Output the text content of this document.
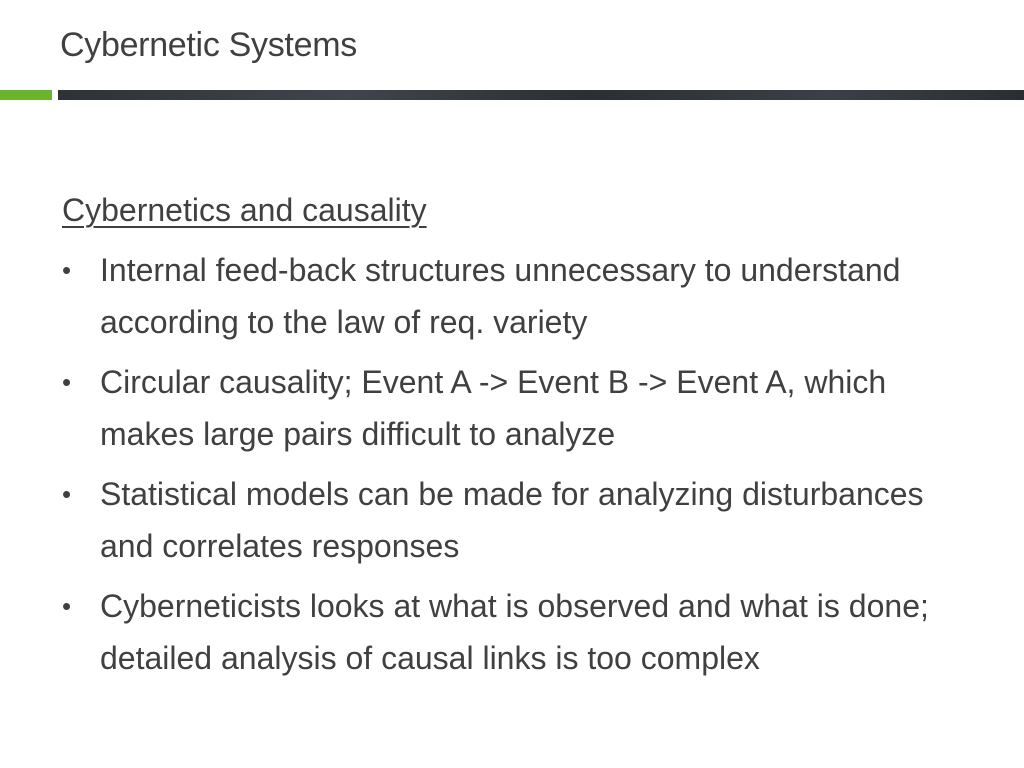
Cybernetic Systems
Cybernetics and causality
• Internal feed-back structures unnecessary to understand according to the law of req. variety
• Circular causality; Event A -> Event B -> Event A, which makes large pairs difficult to analyze
• Statistical models can be made for analyzing disturbances and correlates responses
• Cyberneticists looks at what is observed and what is done; detailed analysis of causal links is too complex
